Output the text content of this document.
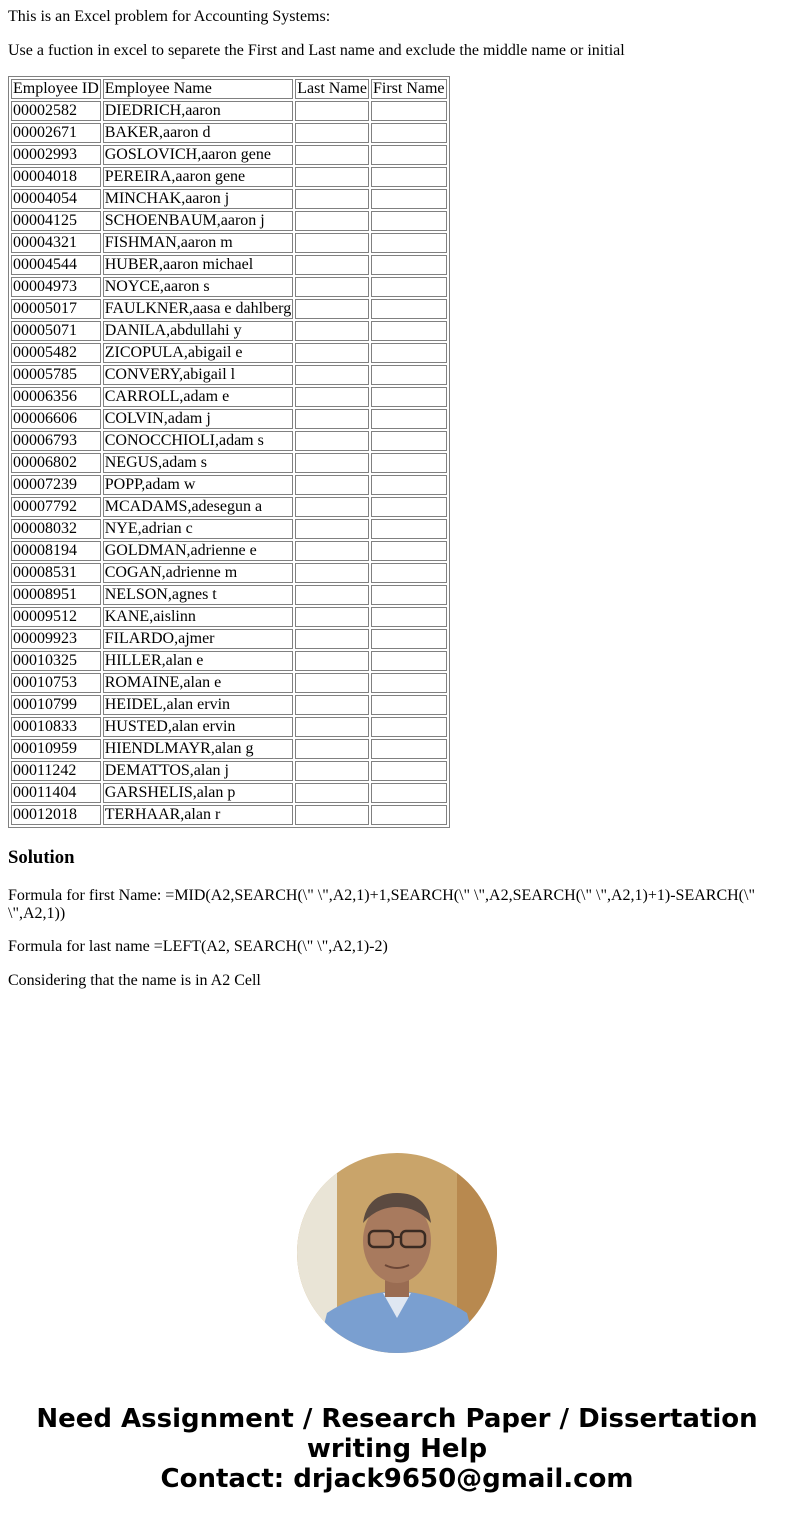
This is an Excel problem for Accounting Systems:

Use a fuction in excel to separete the First and Last name and exclude the middle name or initial

Employee ID	Employee Name	Last Name	First Name
00002582	DIEDRICH,aaron		
00002671	BAKER,aaron d		
00002993	GOSLOVICH,aaron gene		
00004018	PEREIRA,aaron gene		
00004054	MINCHAK,aaron j		
00004125	SCHOENBAUM,aaron j		
00004321	FISHMAN,aaron m		
00004544	HUBER,aaron michael		
00004973	NOYCE,aaron s		
00005017	FAULKNER,aasa e dahlberg		
00005071	DANILA,abdullahi y		
00005482	ZICOPULA,abigail e		
00005785	CONVERY,abigail l		
00006356	CARROLL,adam e		
00006606	COLVIN,adam j		
00006793	CONOCCHIOLI,adam s		
00006802	NEGUS,adam s		
00007239	POPP,adam w		
00007792	MCADAMS,adesegun a		
00008032	NYE,adrian c		
00008194	GOLDMAN,adrienne e		
00008531	COGAN,adrienne m		
00008951	NELSON,agnes t		
00009512	KANE,aislinn		
00009923	FILARDO,ajmer		
00010325	HILLER,alan e		
00010753	ROMAINE,alan e		
00010799	HEIDEL,alan ervin		
00010833	HUSTED,alan ervin		
00010959	HIENDLMAYR,alan g		
00011242	DEMATTOS,alan j		
00011404	GARSHELIS,alan p		
00012018	TERHAAR,alan r		
Solution

Formula for first Name: =MID(A2,SEARCH(\" \",A2,1)+1,SEARCH(\" \",A2,SEARCH(\" \",A2,1)+1)-SEARCH(\" \",A2,1))

Formula for last name =LEFT(A2, SEARCH(\" \",A2,1)-2)

Considering that the name is in A2 Cell

Need Assignment / Research Paper / Dissertation
writing Help
Contact: drjack9650@gmail.com
